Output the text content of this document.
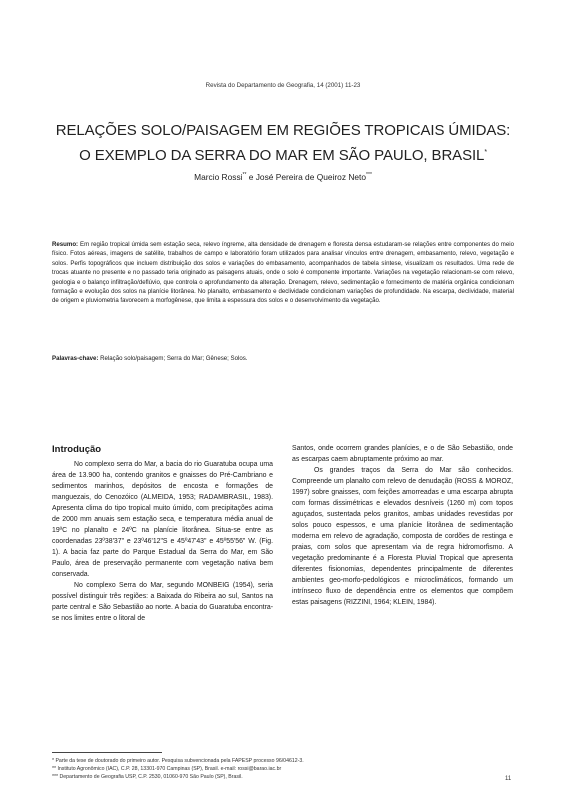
Revista do Departamento de Geografia, 14 (2001) 11-23
RELAÇÕES SOLO/PAISAGEM EM REGIÕES TROPICAIS ÚMIDAS:
O EXEMPLO DA SERRA DO MAR EM SÃO PAULO, BRASIL*
Marcio Rossi** e José Pereira de Queiroz Neto***
Resumo: Em região tropical úmida sem estação seca, relevo íngreme, alta densidade de drenagem e floresta densa estudaram-se relações entre componentes do meio físico. Fotos aéreas, imagens de satélite, trabalhos de campo e laboratório foram utilizados para analisar vínculos entre drenagem, embasamento, relevo, vegetação e solos. Perfis topográficos que incluem distribuição dos solos e variações do embasamento, acompanhados de tabela síntese, visualizam os resultados. Uma rede de trocas atuante no presente e no passado teria originado as paisagens atuais, onde o solo é componente importante. Variações na vegetação relacionam-se com relevo, geologia e o balanço infiltração/deflúvio, que controla o aprofundamento da alteração. Drenagem, relevo, sedimentação e fornecimento de matéria orgânica condicionam formação e evolução dos solos na planície litorânea. No planalto, embasamento e declividade condicionam variações de profundidade. Na escarpa, declividade, material de origem e pluviometria favorecem a morfogênese, que limita a espessura dos solos e o desenvolvimento da vegetação.
Palavras-chave: Relação solo/paisagem; Serra do Mar; Gênese; Solos.
Introdução

No complexo serra do Mar, a bacia do rio Guaratuba ocupa uma área de 13.900 ha, contendo granitos e gnaisses do Pré-Cambriano e sedimentos marinhos, depósitos de encosta e formações de manguezais, do Cenozóico (ALMEIDA, 1953; RADAMBRASIL, 1983). Apresenta clima do tipo tropical muito úmido, com precipitações acima de 2000 mm anuais sem estação seca, e temperatura média anual de 19ºC no planalto e 24ºC na planície litorânea. Situa-se entre as coordenadas 23º38'37" e 23º46'12"S e 45º47'43" e 45º55'56" W. (Fig. 1). A bacia faz parte do Parque Estadual da Serra do Mar, em São Paulo, área de preservação permanente com vegetação nativa bem conservada.

No complexo Serra do Mar, segundo MONBEIG (1954), seria possível distinguir três regiões: a Baixada do Ribeira ao sul, Santos na parte central e São Sebastião ao norte. A bacia do Guaratuba encontra-se nos limites entre o litoral de

Santos, onde ocorrem grandes planícies, e o de São Sebastião, onde as escarpas caem abruptamente próximo ao mar.

Os grandes traços da Serra do Mar são conhecidos. Compreende um planalto com relevo de denudação (ROSS & MOROZ, 1997) sobre gnaisses, com feições amorreadas e uma escarpa abrupta com formas dissimétricas e elevados desníveis (1260 m) com topos aguçados, sustentada pelos granitos, ambas unidades revestidas por solos pouco espessos, e uma planície litorânea de sedimentação moderna em relevo de agradação, composta de cordões de restinga e praias, com solos que apresentam via de regra hidromorfismo. A vegetação predominante é a Floresta Pluvial Tropical que apresenta diferentes fisionomias, dependentes principalmente de diferentes ambientes geo-morfo-pedológicos e microclimáticos, formando um intrínseco fluxo de dependência entre os elementos que compõem estas paisagens (RIZZINI, 1964; KLEIN, 1984).

* Parte da tese de doutorado do primeiro autor. Pesquisa subvencionada pela FAPESP processo 96/04612-3.
** Instituto Agronômico (IAC), C.P. 28, 13301-970 Campinas (SP), Brasil. e-mail: rossi@barao.iac.br
*** Departamento de Geografia USP, C.P. 2530, 01060-970 São Paulo (SP), Brasil.	11
